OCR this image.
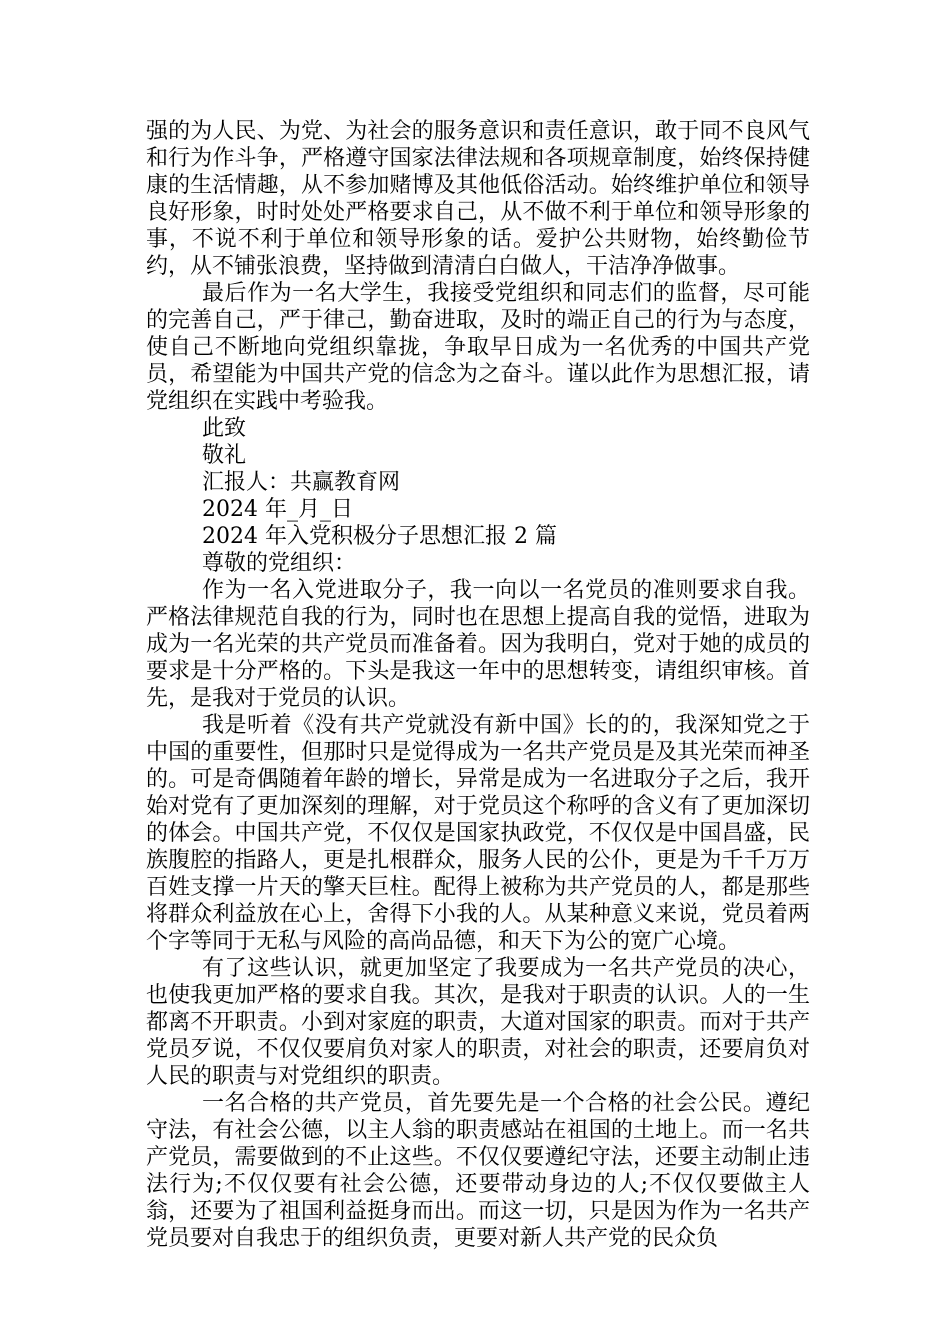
强的为人民、为党、为社会的服务意识和责任意识，敢于同不良风气和行为作斗争，严格遵守国家法律法规和各项规章制度，始终保持健康的生活情趣，从不参加赌博及其他低俗活动。始终维护单位和领导良好形象，时时处处严格要求自己，从不做不利于单位和领导形象的事，不说不利于单位和领导形象的话。爱护公共财物，始终勤俭节约，从不铺张浪费，坚持做到清清白白做人，干洁净净做事。

最后作为一名大学生，我接受党组织和同志们的监督，尽可能的完善自己，严于律己，勤奋进取，及时的端正自己的行为与态度，使自己不断地向党组织靠拢，争取早日成为一名优秀的中国共产党员，希望能为中国共产党的信念为之奋斗。谨以此作为思想汇报，请党组织在实践中考验我。

此致

敬礼

汇报人：共赢教育网

2024 年_月_日

2024 年入党积极分子思想汇报 2 篇

尊敬的党组织：

作为一名入党进取分子，我一向以一名党员的准则要求自我。严格法律规范自我的行为，同时也在思想上提高自我的觉悟，进取为成为一名光荣的共产党员而准备着。因为我明白，党对于她的成员的要求是十分严格的。下头是我这一年中的思想转变，请组织审核。首先，是我对于党员的认识。

我是听着《没有共产党就没有新中国》长的的，我深知党之于中国的重要性，但那时只是觉得成为一名共产党员是及其光荣而神圣的。可是奇偶随着年龄的增长，异常是成为一名进取分子之后，我开始对党有了更加深刻的理解，对于党员这个称呼的含义有了更加深切的体会。中国共产党，不仅仅是国家执政党，不仅仅是中国昌盛，民族腹腔的指路人，更是扎根群众，服务人民的公仆，更是为千千万万百姓支撑一片天的擎天巨柱。配得上被称为共产党员的人，都是那些将群众利益放在心上，舍得下小我的人。从某种意义来说，党员着两个字等同于无私与风险的高尚品德，和天下为公的宽广心境。

有了这些认识，就更加坚定了我要成为一名共产党员的决心，也使我更加严格的要求自我。其次，是我对于职责的认识。人的一生都离不开职责。小到对家庭的职责，大道对国家的职责。而对于共产党员歹说，不仅仅要肩负对家人的职责，对社会的职责，还要肩负对人民的职责与对党组织的职责。

一名合格的共产党员，首先要先是一个合格的社会公民。遵纪守法，有社会公德，以主人翁的职责感站在祖国的土地上。而一名共产党员，需要做到的不止这些。不仅仅要遵纪守法，还要主动制止违法行为;不仅仅要有社会公德，还要带动身边的人;不仅仅要做主人翁，还要为了祖国利益挺身而出。而这一切，只是因为作为一名共产党员要对自我忠于的组织负责，更要对新人共产党的民众负
